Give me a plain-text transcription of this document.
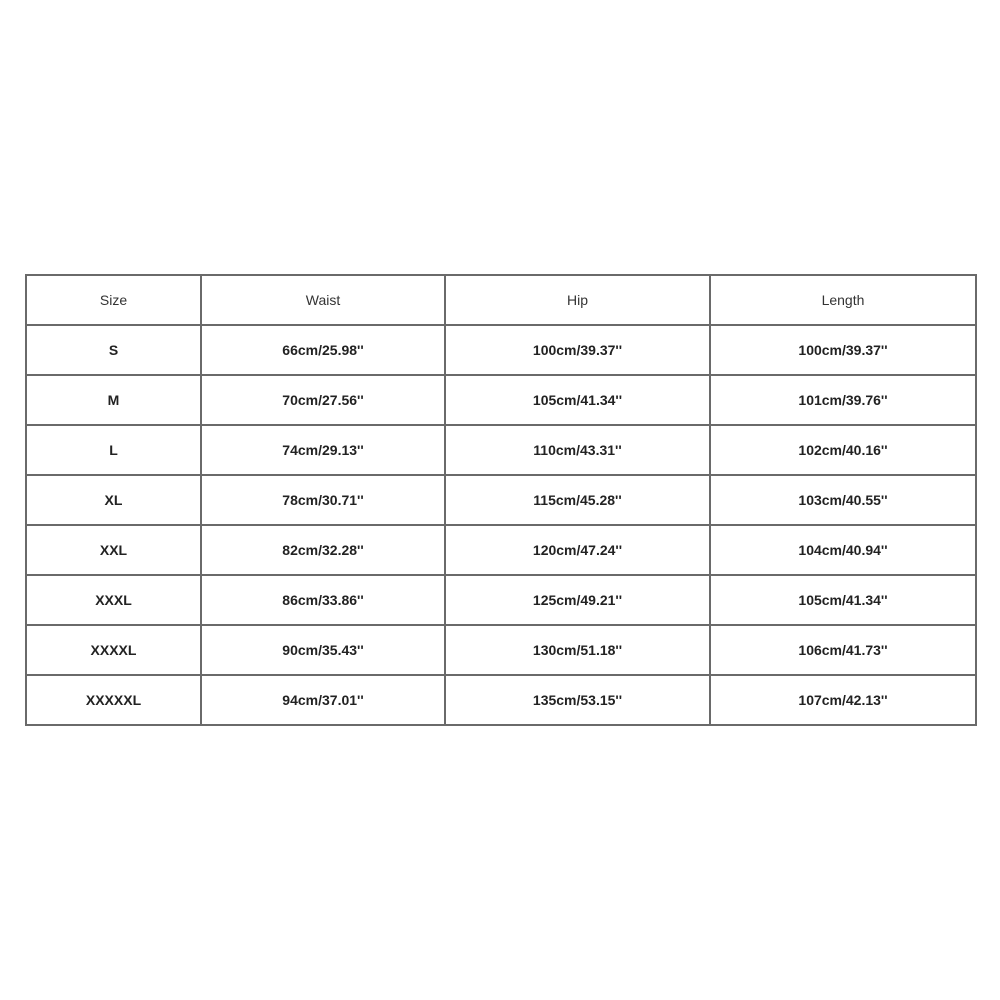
Size	Waist	Hip	Length
S	66cm/25.98''	100cm/39.37''	100cm/39.37''
M	70cm/27.56''	105cm/41.34''	101cm/39.76''
L	74cm/29.13''	110cm/43.31''	102cm/40.16''
XL	78cm/30.71''	115cm/45.28''	103cm/40.55''
XXL	82cm/32.28''	120cm/47.24''	104cm/40.94''
XXXL	86cm/33.86''	125cm/49.21''	105cm/41.34''
XXXXL	90cm/35.43''	130cm/51.18''	106cm/41.73''
XXXXXL	94cm/37.01''	135cm/53.15''	107cm/42.13''
